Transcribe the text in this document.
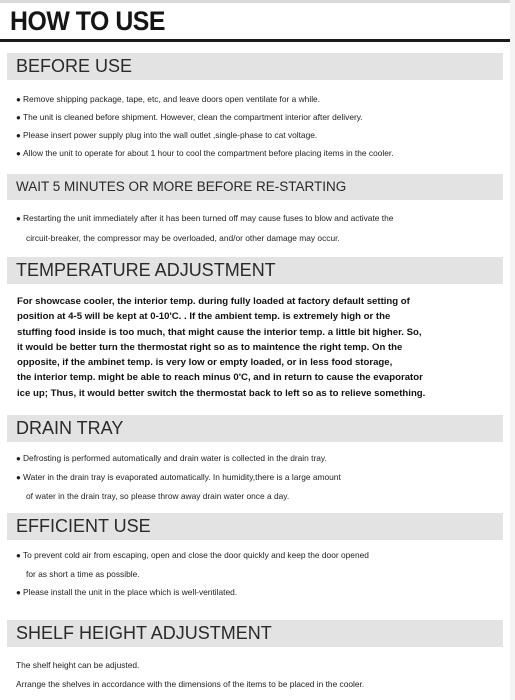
HOW TO USE
BEFORE USE
● Remove shipping package, tape, etc, and leave doors open ventilate for a while.
● The unit is cleaned before shipment. However, clean the compartment interior after delivery.
● Please insert power supply plug into the wall outlet ,single-phase to cat voltage.
● Allow the unit to operate for about 1 hour to cool the compartment before placing items in the cooler.
WAIT 5 MINUTES OR MORE BEFORE RE-STARTING
● Restarting the unit immediately after it has been turned off may cause fuses to blow and activate the
circuit-breaker, the compressor may be overloaded, and/or other damage may occur.
TEMPERATURE ADJUSTMENT
For showcase cooler, the interior temp. during fully loaded at factory default setting of
position at 4-5 will be kept at 0-10'C. . If the ambient temp. is extremely high or the
stuffing food inside is too much, that might cause the interior temp. a little bit higher. So,
it would be better turn the thermostat right so as to maintence the right temp. On the
opposite, if the ambinet temp. is very low or empty loaded, or in less food storage,
the interior temp. might be able to reach minus 0'C, and in return to cause the evaporator
ice up; Thus, it would better switch the thermostat back to left so as to relieve something.
DRAIN TRAY
● Defrosting is performed automatically and drain water is collected in the drain tray.
● Water in the drain tray is evaporated automatically. In humidity,there is a large amount
of water in the drain tray, so please throw away drain water once a day.
EFFICIENT USE
● To prevent cold air from escaping, open and close the door quickly and keep the door opened
for as short a time as possible.
● Please install the unit in the place which is well-ventilated.
SHELF HEIGHT ADJUSTMENT
The shelf height can be adjusted.
Arrange the shelves in accordance with the dimensions of the items to be placed in the cooler.
